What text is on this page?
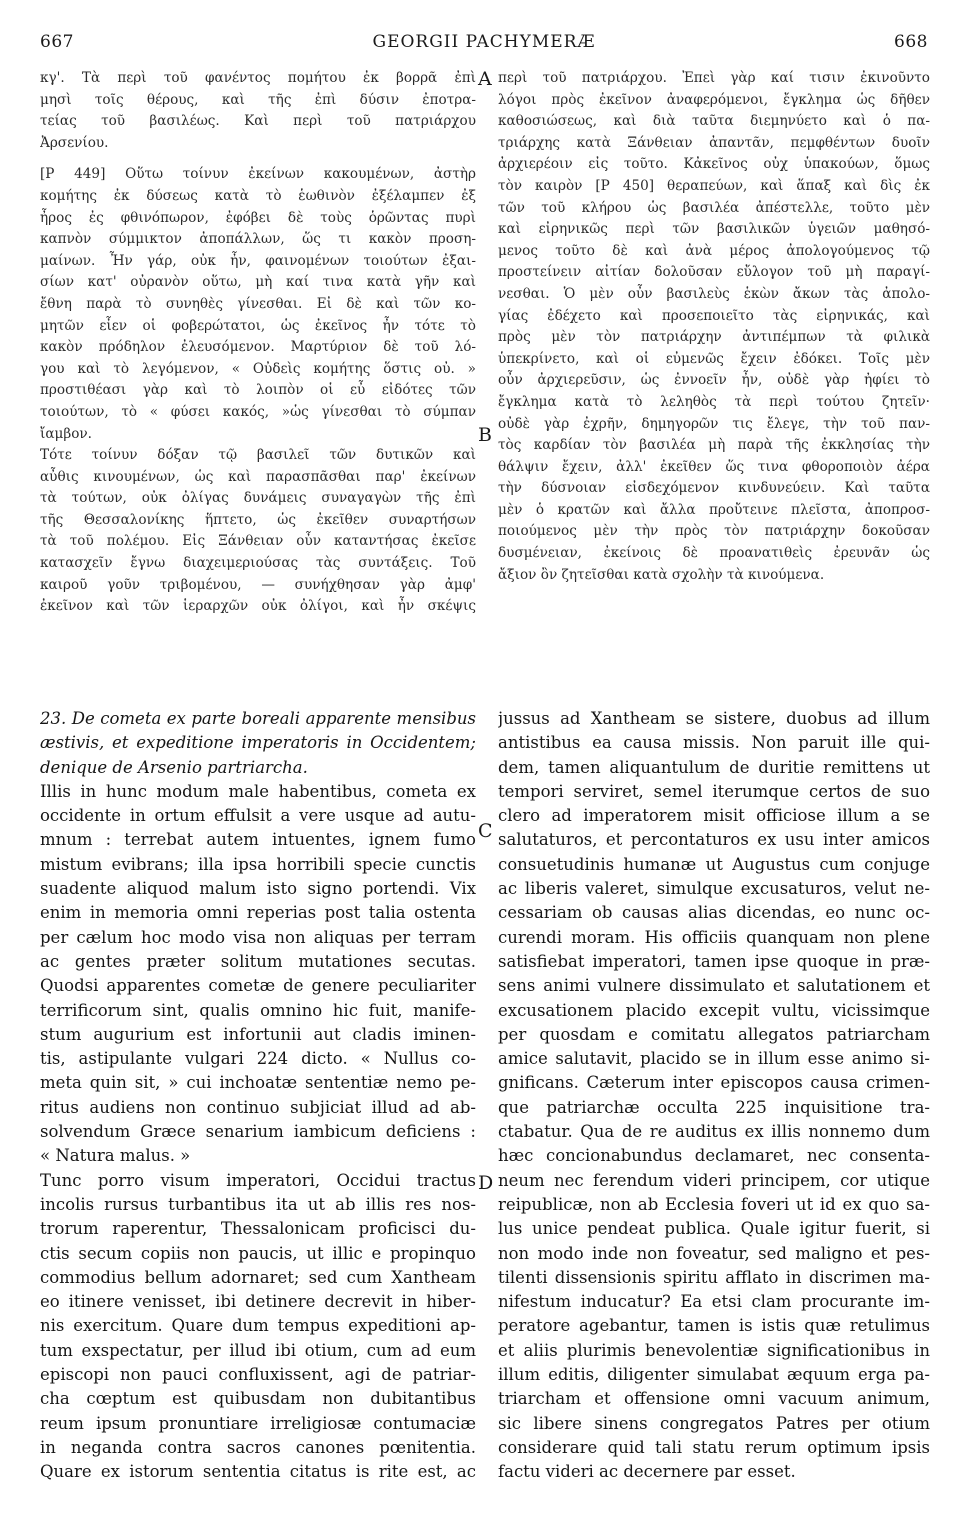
667	GEORGII PACHYMERÆ	668
κγ'. Τὰ περὶ τοῦ φανέντος πομήτου ἐκ βορρᾶ ἐπὶ
μησὶ τοῖς θέρους, καὶ τῆς ἐπὶ δύσιν ἐποτρα-
τείας τοῦ βασιλέως. Καὶ περὶ τοῦ πατριάρχου
Ἀρσενίου.
[P 449] Οὕτω τοίνυν ἐκείνων κακουμένων, ἀστὴρ
κομήτης ἐκ δύσεως κατὰ τὸ ἑωθινὸν ἐξέλαμπεν ἐξ
ἦρος ἐς φθινόπωρον, ἐφόβει δὲ τοὺς ὁρῶντας πυρὶ
καπνὸν σύμμικτον ἀποπάλλων, ὥς τι κακὸν προση-
μαίνων. Ἦν γάρ, οὐκ ἦν, φαινομένων τοιούτων ἐξαι-
σίων κατ' οὐρανὸν οὕτω, μὴ καί τινα κατὰ γῆν καὶ
ἔθνη παρὰ τὸ συνηθὲς γίνεσθαι. Εἰ δὲ καὶ τῶν κο-
μητῶν εἶεν οἱ φοβερώτατοι, ὡς ἐκεῖνος ἦν τότε τὸ
κακὸν πρόδηλον ἐλευσόμενον. Μαρτύριον δὲ τοῦ λό-
γου καὶ τὸ λεγόμενον, « Οὐδεὶς κομήτης ὅστις οὐ. »
προστιθέασι γὰρ καὶ τὸ λοιπὸν οἱ εὖ εἰδότες τῶν
τοιούτων, τὸ « φύσει κακός, »ὡς γίνεσθαι τὸ σύμπαν
ἴαμβον.
Τότε τοίνυν δόξαν τῷ βασιλεῖ τῶν δυτικῶν καὶ
αὖθις κινουμένων, ὡς καὶ παρασπᾶσθαι παρ' ἐκείνων
τὰ τούτων, οὐκ ὀλίγας δυνάμεις συναγαγὼν τῆς ἐπὶ
τῆς Θεσσαλονίκης ἥπτετο, ὡς ἐκεῖθεν συναρτήσων
τὰ τοῦ πολέμου. Εἰς Ξάνθειαν οὖν καταντήσας ἐκεῖσε
κατασχεῖν ἔγνω διαχειμεριούσας τὰς συντάξεις. Τοῦ
καιροῦ γοῦν τριβομένου, — συνήχθησαν γὰρ ἀμφ'
ἐκεῖνον καὶ τῶν ἱεραρχῶν οὐκ ὀλίγοι, καὶ ἦν σκέψις
περὶ τοῦ πατριάρχου. Ἐπεὶ γὰρ καί τισιν ἐκινοῦντο
λόγοι πρὸς ἐκεῖνον ἀναφερόμενοι, ἔγκλημα ὡς δῆθεν
καθοσιώσεως, καὶ διὰ ταῦτα διεμηνύετο καὶ ὁ πα-
τριάρχης κατὰ Ξάνθειαν ἀπαντᾶν, πεμφθέντων δυοῖν
ἀρχιερέοιν εἰς τοῦτο. Κἀκεῖνος οὐχ ὑπακούων, ὅμως
τὸν καιρὸν [P 450] θεραπεύων, καὶ ἅπαξ καὶ δὶς ἐκ
τῶν τοῦ κλήρου ὡς βασιλέα ἀπέστελλε, τοῦτο μὲν
καὶ εἰρηνικῶς περὶ τῶν βασιλικῶν ὑγειῶν μαθησό-
μενος τοῦτο δὲ καὶ ἀνὰ μέρος ἀπολογούμενος τῷ
προστείνειν αἰτίαν δολοῦσαν εὔλογον τοῦ μὴ παραγί-
νεσθαι. Ὁ μὲν οὖν βασιλεὺς ἑκὼν ἄκων τὰς ἀπολο-
γίας ἐδέχετο καὶ προσεποιεῖτο τὰς εἰρηνικάς, καὶ
πρὸς μὲν τὸν πατριάρχην ἀντιπέμπων τὰ φιλικὰ
ὑπεκρίνετο, καὶ οἱ εὐμενῶς ἔχειν ἐδόκει. Τοῖς μὲν
οὖν ἀρχιερεῦσιν, ὡς ἐννοεῖν ἦν, οὐδὲ γὰρ ἠφίει τὸ
ἔγκλημα κατὰ τὸ λεληθὸς τὰ περὶ τούτου ζητεῖν·
οὐδὲ γὰρ ἐχρῆν, δημηγορῶν τις ἔλεγε, τὴν τοῦ παν-
τὸς καρδίαν τὸν βασιλέα μὴ παρὰ τῆς ἐκκλησίας τὴν
θάλψιν ἔχειν, ἀλλ' ἐκεῖθεν ὥς τινα φθοροποιὸν ἀέρα
τὴν δύσνοιαν εἰσδεχόμενον κινδυνεύειν. Καὶ ταῦτα
μὲν ὁ κρατῶν καὶ ἄλλα προὔτεινε πλεῖστα, ἀποπροσ-
ποιούμενος μὲν τὴν πρὸς τὸν πατριάρχην δοκοῦσαν
δυσμένειαν, ἐκείνοις δὲ προανατιθεὶς ἐρευνᾶν ὡς
ἄξιον ὂν ζητεῖσθαι κατὰ σχολὴν τὰ κινούμενα.
23. De cometa ex parte boreali apparente mensibus
æstivis, et expeditione imperatoris in Occidentem;
denique de Arsenio partriarcha.
Illis in hunc modum male habentibus, cometa ex
occidente in ortum effulsit a vere usque ad autu-
mnum : terrebat autem intuentes, ignem fumo
mistum evibrans; illa ipsa horribili specie cunctis
suadente aliquod malum isto signo portendi. Vix
enim in memoria omni reperias post talia ostenta
per cælum hoc modo visa non aliquas per terram
ac gentes præter solitum mutationes secutas.
Quodsi apparentes cometæ de genere peculiariter
terrificorum sint, qualis omnino hic fuit, manife-
stum augurium est infortunii aut cladis iminen-
tis, astipulante vulgari 224 dicto. « Nullus co-
meta quin sit, » cui inchoatæ sententiæ nemo pe-
ritus audiens non continuo subjiciat illud ad ab-
solvendum Græce senarium iambicum deficiens :
« Natura malus. »
Tunc porro visum imperatori, Occidui tractus
incolis rursus turbantibus ita ut ab illis res nos-
trorum raperentur, Thessalonicam proficisci du-
ctis secum copiis non paucis, ut illic e propinquo
commodius bellum adornaret; sed cum Xantheam
eo itinere venisset, ibi detinere decrevit in hiber-
nis exercitum. Quare dum tempus expeditioni ap-
tum exspectatur, per illud ibi otium, cum ad eum
episcopi non pauci confluxissent, agi de patriar-
cha cœptum est quibusdam non dubitantibus
reum ipsum pronuntiare irreligiosæ contumaciæ
in neganda contra sacros canones pœnitentia.
Quare ex istorum sententia citatus is rite est, ac
jussus ad Xantheam se sistere, duobus ad illum
antistibus ea causa missis. Non paruit ille qui-
dem, tamen aliquantulum de duritie remittens ut
tempori serviret, semel iterumque certos de suo
clero ad imperatorem misit officiose illum a se
salutaturos, et percontaturos ex usu inter amicos
consuetudinis humanæ ut Augustus cum conjuge
ac liberis valeret, simulque excusaturos, velut ne-
cessariam ob causas alias dicendas, eo nunc oc-
curendi moram. His officiis quanquam non plene
satisfiebat imperatori, tamen ipse quoque in præ-
sens animi vulnere dissimulato et salutationem et
excusationem placido excepit vultu, vicissimque
per quosdam e comitatu allegatos patriarcham
amice salutavit, placido se in illum esse animo si-
gnificans. Cæterum inter episcopos causa crimen-
que patriarchæ occulta 225 inquisitione tra-
ctabatur. Qua de re auditus ex illis nonnemo dum
hæc concionabundus declamaret, nec consenta-
neum nec ferendum videri principem, cor utique
reipublicæ, non ab Ecclesia foveri ut id ex quo sa-
lus unice pendeat publica. Quale igitur fuerit, si
non modo inde non foveatur, sed maligno et pes-
tilenti dissensionis spiritu afflato in discrimen ma-
nifestum inducatur? Ea etsi clam procurante im-
peratore agebantur, tamen is istis quæ retulimus
et aliis plurimis benevolentiæ significationibus in
illum editis, diligenter simulabat æquum erga pa-
triarcham et offensione omni vacuum animum,
sic libere sinens congregatos Patres per otium
considerare quid tali statu rerum optimum ipsis
factu videri ac decernere par esset.
A
B
C
D
